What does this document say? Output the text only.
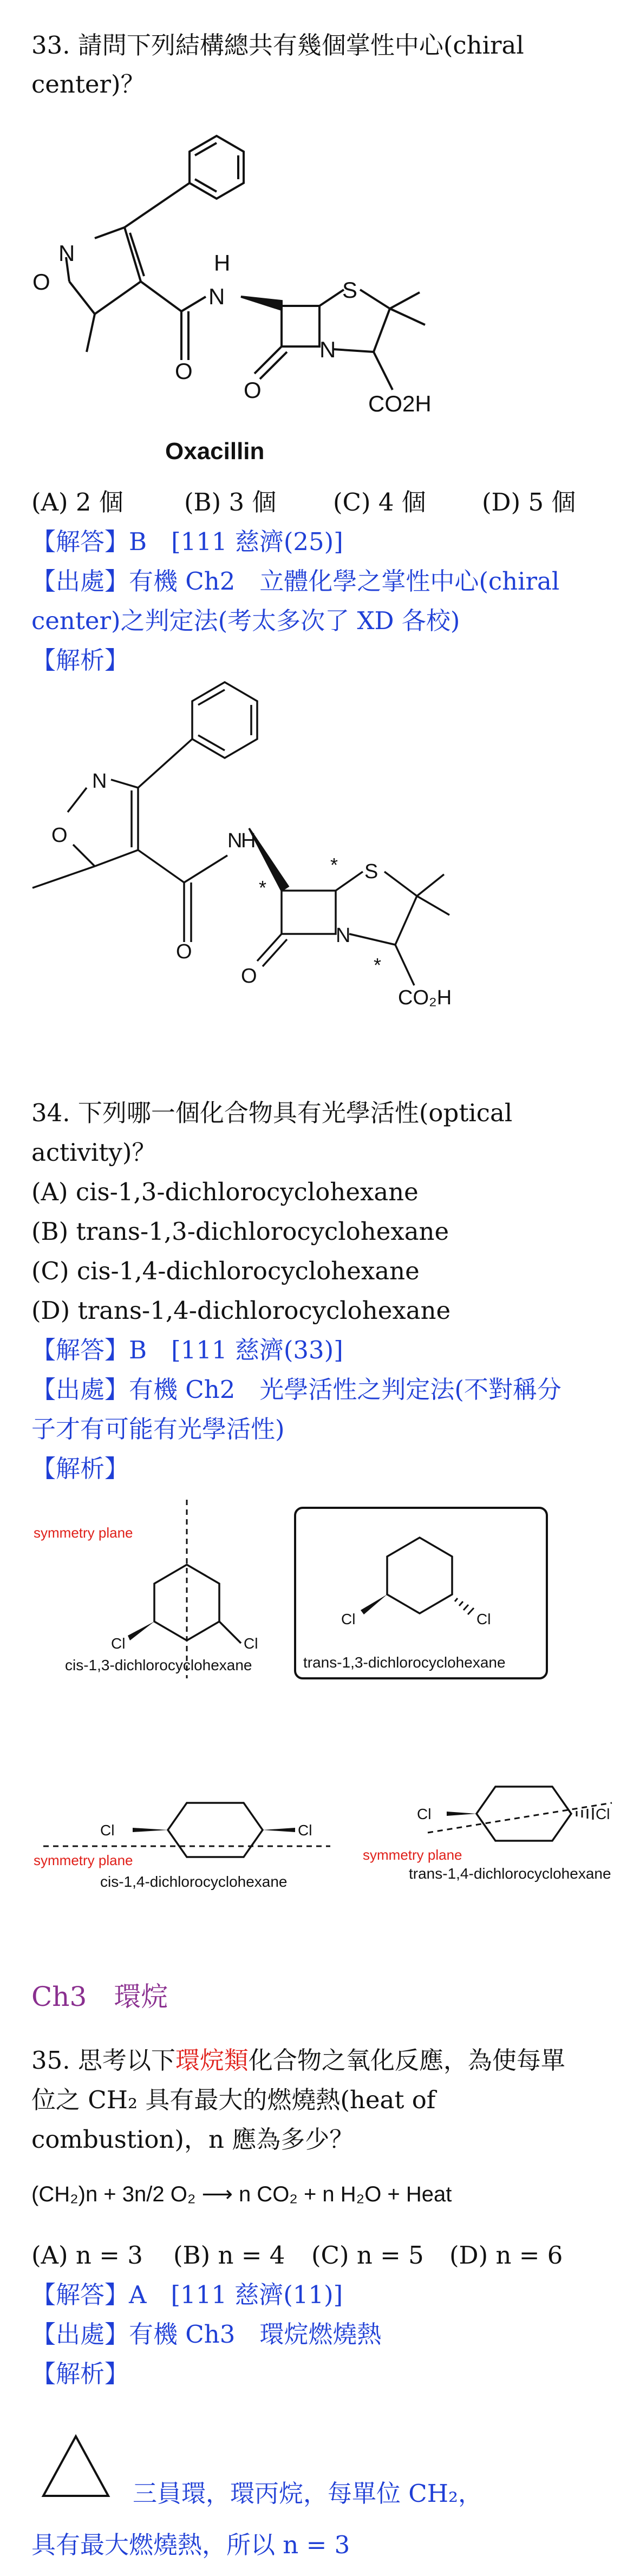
33. 請問下列結構總共有幾個掌性中心(chiral
center)？
N
O
H
N	S
N
O
O
CO2H
Oxacillin
(A) 2 個 (B) 3 個 (C) 4 個 (D) 5 個
【解答】B　[111 慈濟(25)]
【出處】有機 Ch2　立體化學之掌性中心(chiral
center)之判定法(考太多次了 XD 各校)
【解析】
N
O	N
H
S
N
O
O
CO₂H
*
*
*
34. 下列哪一個化合物具有光學活性(optical
activity)？
(A) cis-1,3-dichlorocyclohexane
(B) trans-1,3-dichlorocyclohexane
(C) cis-1,4-dichlorocyclohexane
(D) trans-1,4-dichlorocyclohexane
【解答】B　[111 慈濟(33)]
【出處】有機 Ch2　光學活性之判定法(不對稱分
子才有可能有光學活性)
【解析】
symmetry plane
Cl	Cl
cis-1,3-dichlorocyclohexane
Cl	Cl
trans-1,3-dichlorocyclohexane
Cl	Cl
symmetry plane
cis-1,4-dichlorocyclohexane
Cl	Cl
symmetry plane
trans-1,4-dichlorocyclohexane
Ch3　環烷
35. 思考以下環烷類化合物之氧化反應，為使每單
位之 CH₂ 具有最大的燃燒熱(heat of
combustion)，n 應為多少？
(CH₂)n + 3n/2 O₂ ⟶ n CO₂ + n H₂O + Heat
(A) n = 3 (B) n = 4 (C) n = 5 (D) n = 6
【解答】A　[111 慈濟(11)]
【出處】有機 Ch3　環烷燃燒熱
【解析】
三員環，環丙烷，每單位 CH₂，
具有最大燃燒熱，所以 n = 3
